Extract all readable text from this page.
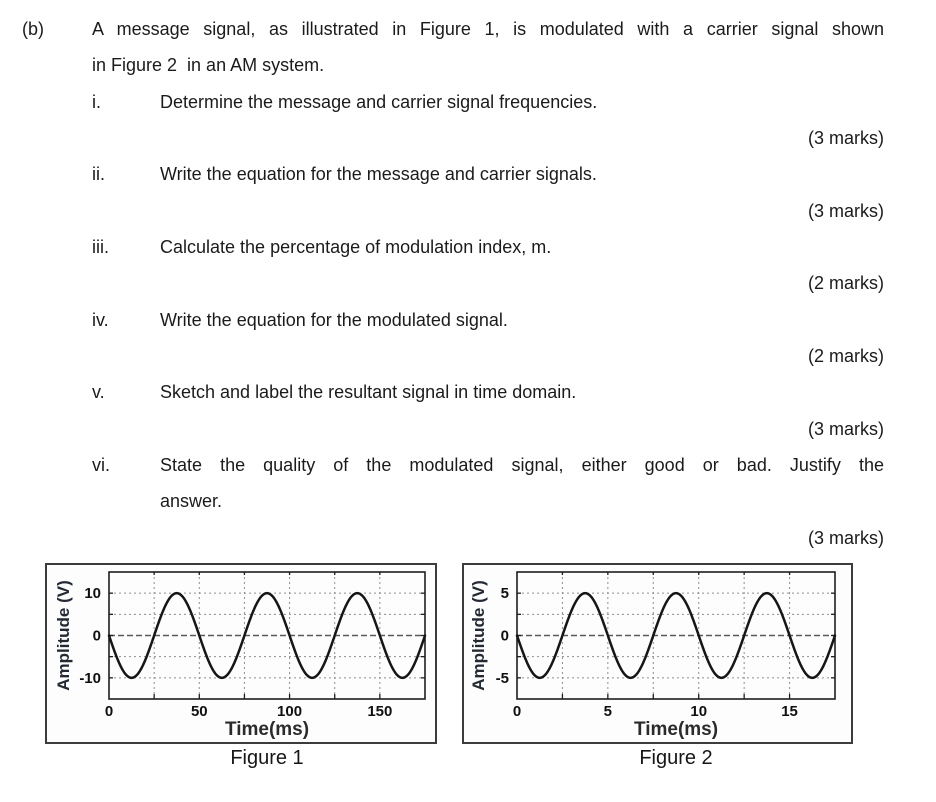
(b)	A message signal, as illustrated in Figure 1, is modulated with a carrier signal shown
in Figure 2  in an AM system.
i.	Determine the message and carrier signal frequencies.
(3 marks)
ii.	Write the equation for the message and carrier signals.
(3 marks)
iii.	Calculate the percentage of modulation index, m.
(2 marks)
iv.	Write the equation for the modulated signal.
(2 marks)
v.	Sketch and label the resultant signal in time domain.
(3 marks)
vi.	State the quality of the modulated signal, either good or bad. Justify the
answer.
(3 marks)
0	50	100	150
10
0
-10
Time(ms)
Amplitude (V)
0	5	10	15
5
0
-5
Time(ms)
Amplitude (V)
Figure 1	Figure 2
